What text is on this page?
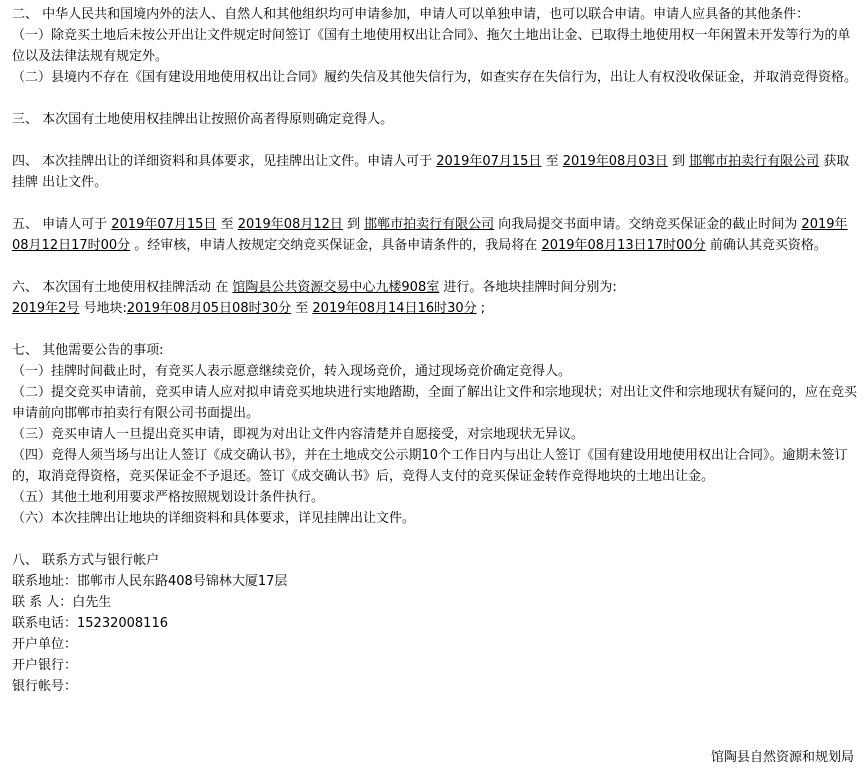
二、 中华人民共和国境内外的法人、自然人和其他组织均可申请参加，申请人可以单独申请，也可以联合申请。申请人应具备的其他条件：

（一）除竞买土地后未按公开出让文件规定时间签订《国有土地使用权出让合同》、拖欠土地出让金、已取得土地使用权一年闲置未开发等行为的单位以及法律法规有规定外。

（二）县境内不存在《国有建设用地使用权出让合同》履约失信及其他失信行为，如查实存在失信行为，出让人有权没收保证金，并取消竞得资格。

三、 本次国有土地使用权挂牌出让按照价高者得原则确定竞得人。

四、 本次挂牌出让的详细资料和具体要求，见挂牌出让文件。申请人可于 2019年07月15日 至 2019年08月03日 到 邯郸市拍卖行有限公司 获取 挂牌 出让文件。

五、 申请人可于 2019年07月15日 至 2019年08月12日 到 邯郸市拍卖行有限公司 向我局提交书面申请。交纳竞买保证金的截止时间为 2019年08月12日17时00分 。经审核，申请人按规定交纳竞买保证金，具备申请条件的，我局将在 2019年08月13日17时00分 前确认其竞买资格。

六、 本次国有土地使用权挂牌活动 在 馆陶县公共资源交易中心九楼908室 进行。各地块挂牌时间分别为:

2019年2号 号地块:2019年08月05日08时30分 至 2019年08月14日16时30分 ;

七、 其他需要公告的事项:

（一）挂牌时间截止时，有竞买人表示愿意继续竞价，转入现场竞价，通过现场竞价确定竞得人。

（二）提交竞买申请前，竞买申请人应对拟申请竞买地块进行实地踏勘，全面了解出让文件和宗地现状；对出让文件和宗地现状有疑问的，应在竞买申请前向邯郸市拍卖行有限公司书面提出。

（三）竞买申请人一旦提出竞买申请，即视为对出让文件内容清楚并自愿接受，对宗地现状无异议。

（四）竞得人须当场与出让人签订《成交确认书》，并在土地成交公示期10个工作日内与出让人签订《国有建设用地使用权出让合同》。逾期未签订的，取消竞得资格，竞买保证金不予退还。签订《成交确认书》后，竞得人支付的竞买保证金转作竞得地块的土地出让金。

（五）其他土地利用要求严格按照规划设计条件执行。

（六）本次挂牌出让地块的详细资料和具体要求，详见挂牌出让文件。

八、 联系方式与银行帐户

联系地址：邯郸市人民东路408号锦林大厦17层

联 系 人：白先生

联系电话：15232008116

开户单位：

开户银行：

银行帐号：

馆陶县自然资源和规划局
